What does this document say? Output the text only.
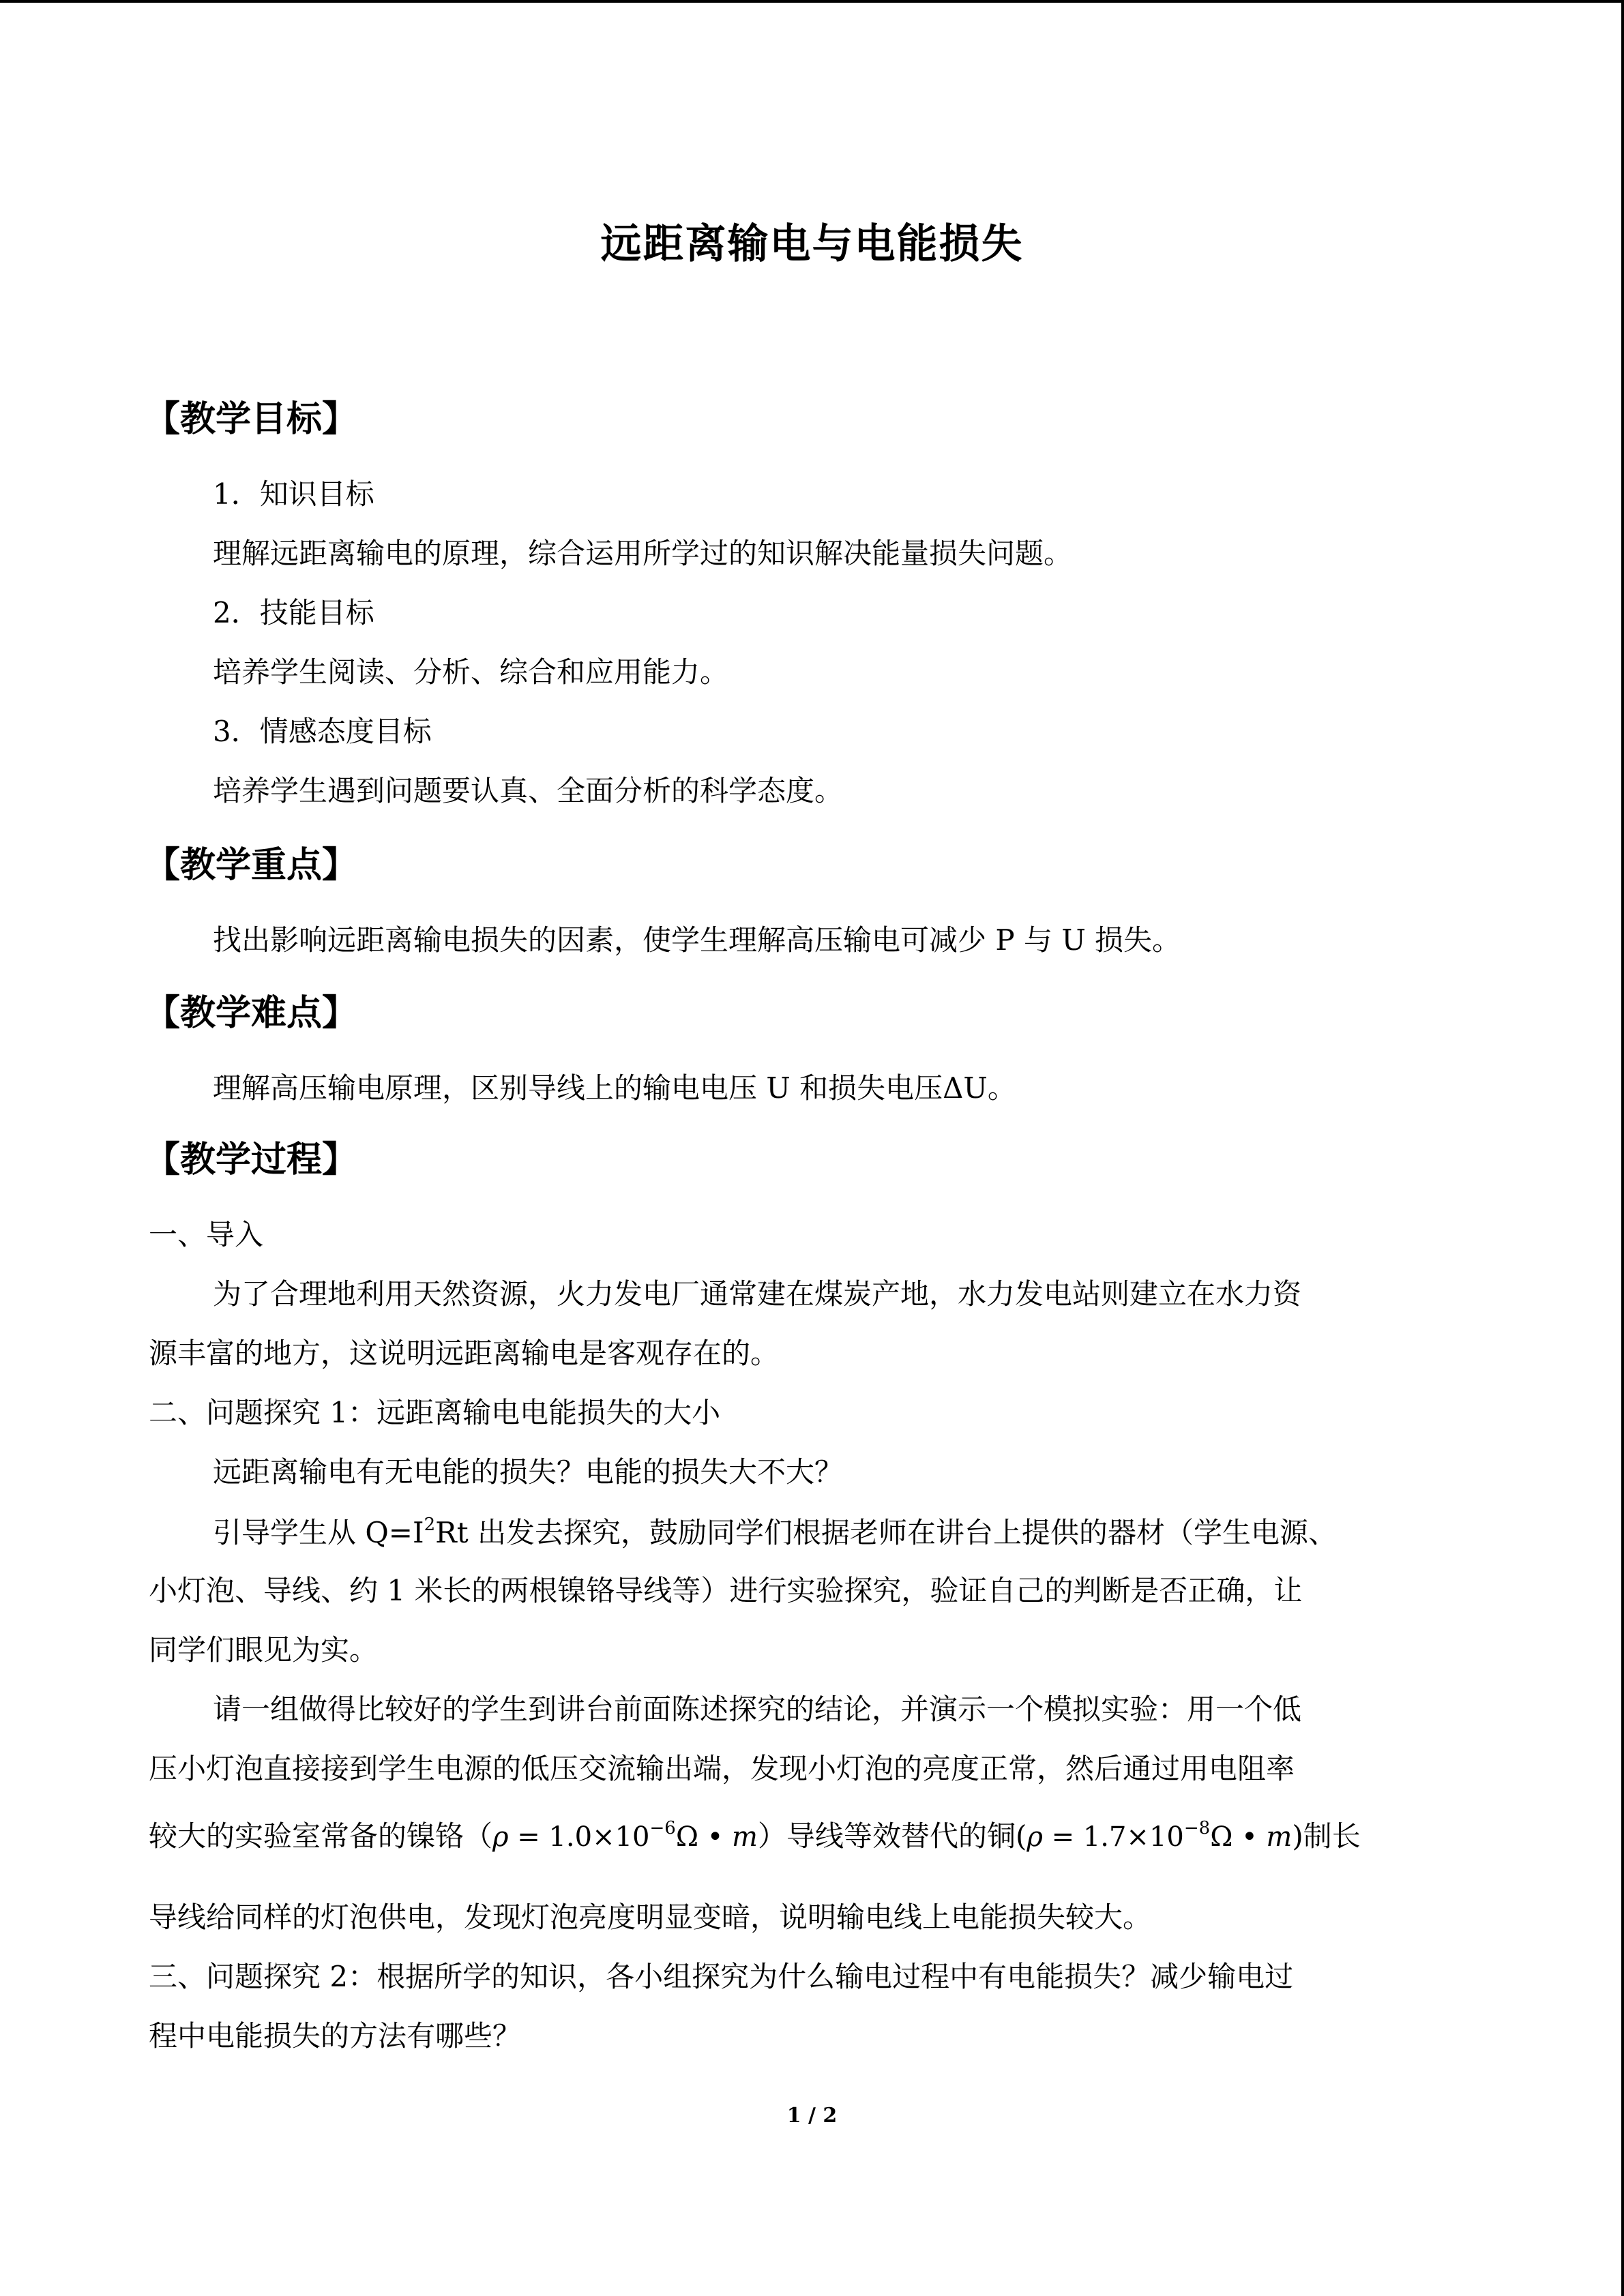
远距离输电与电能损失
【教学目标】
1．知识目标
理解远距离输电的原理，综合运用所学过的知识解决能量损失问题。
2．技能目标
培养学生阅读、分析、综合和应用能力。
3．情感态度目标
培养学生遇到问题要认真、全面分析的科学态度。
【教学重点】
找出影响远距离输电损失的因素，使学生理解高压输电可减少 P 与 U 损失。
【教学难点】
理解高压输电原理，区别导线上的输电电压 U 和损失电压ΔU。
【教学过程】
一、导入
为了合理地利用天然资源，火力发电厂通常建在煤炭产地，水力发电站则建立在水力资
源丰富的地方，这说明远距离输电是客观存在的。
二、问题探究 1：远距离输电电能损失的大小
远距离输电有无电能的损失？电能的损失大不大？
引导学生从 $Q=I^2Rt$ 出发去探究，鼓励同学们根据老师在讲台上提供的器材（学生电源、
小灯泡、导线、约 1 米长的两根镍铬导线等）进行实验探究，验证自己的判断是否正确，让
同学们眼见为实。
请一组做得比较好的学生到讲台前面陈述探究的结论，并演示一个模拟实验：用一个低
压小灯泡直接接到学生电源的低压交流输出端，发现小灯泡的亮度正常，然后通过用电阻率
较大的实验室常备的镍铬（$\rho = 1.0\times 10^{-6}\Omega$ • m）导线等效替代的铜($\rho = 1.7\times 10^{-8}\Omega$ • m)制长
导线给同样的灯泡供电，发现灯泡亮度明显变暗，说明输电线上电能损失较大。
三、问题探究 2：根据所学的知识，各小组探究为什么输电过程中有电能损失？减少输电过
程中电能损失的方法有哪些？
1 / 2
